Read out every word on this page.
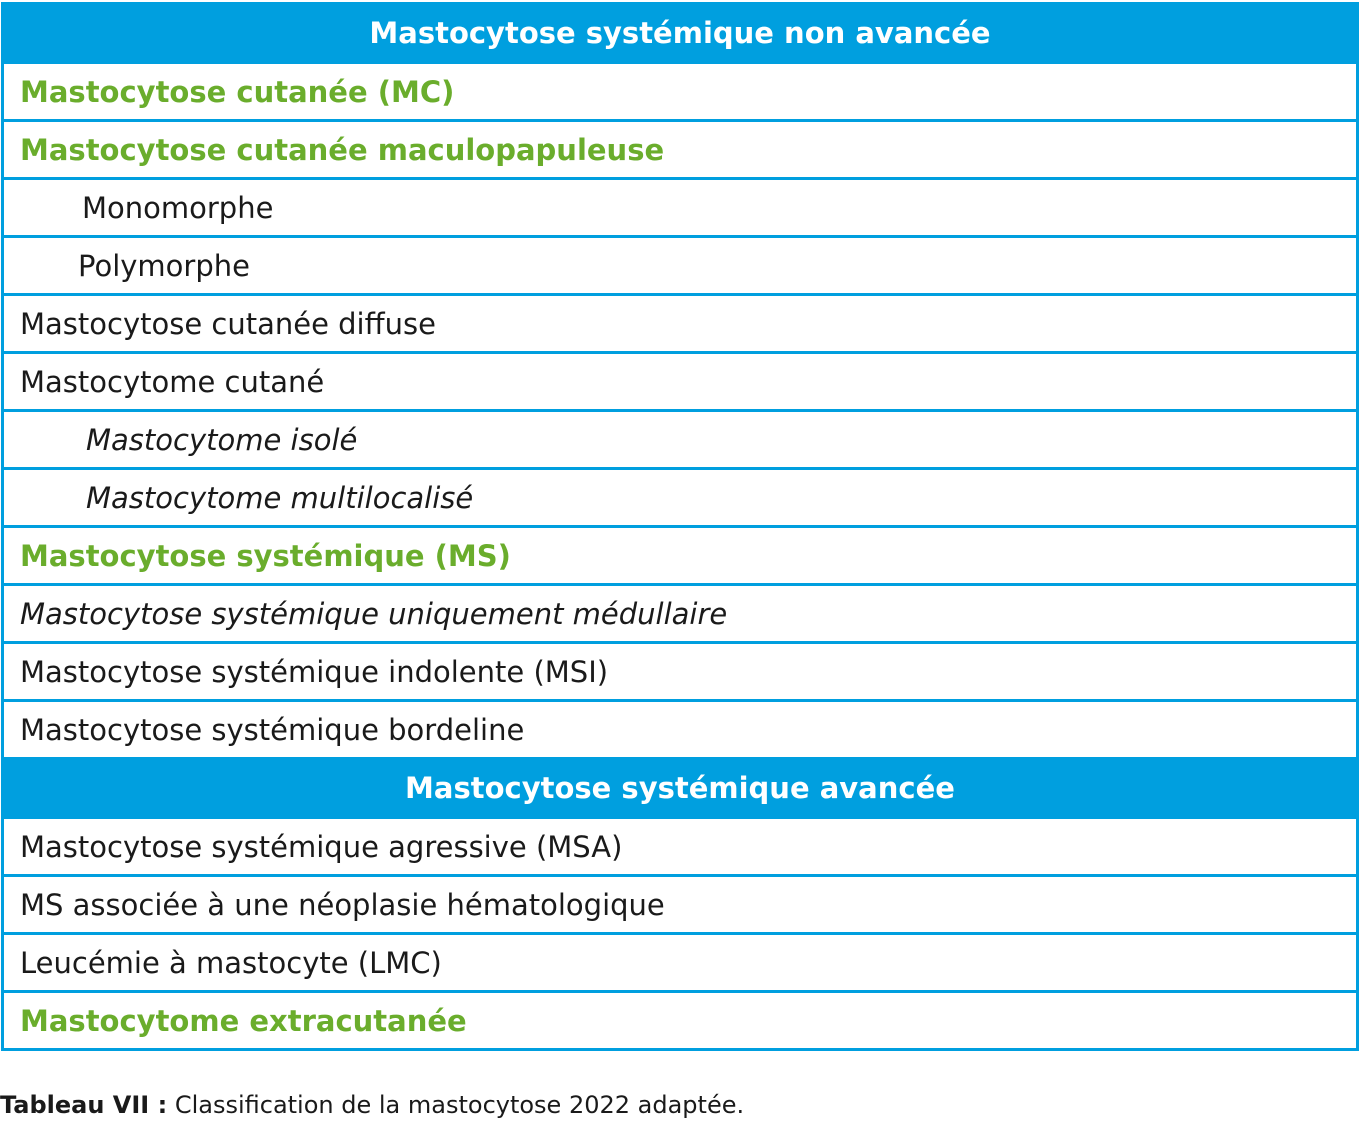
Mastocytose systémique non avancée
Mastocytose cutanée (MC)
Mastocytose cutanée maculopapuleuse
Monomorphe
Polymorphe
Mastocytose cutanée diffuse
Mastocytome cutané
Mastocytome isolé
Mastocytome multilocalisé
Mastocytose systémique (MS)
Mastocytose systémique uniquement médullaire
Mastocytose systémique indolente (MSI)
Mastocytose systémique bordeline
Mastocytose systémique avancée
Mastocytose systémique agressive (MSA)
MS associée à une néoplasie hématologique
Leucémie à mastocyte (LMC)
Mastocytome extracutanée
Tableau VII : Classification de la mastocytose 2022 adaptée.
